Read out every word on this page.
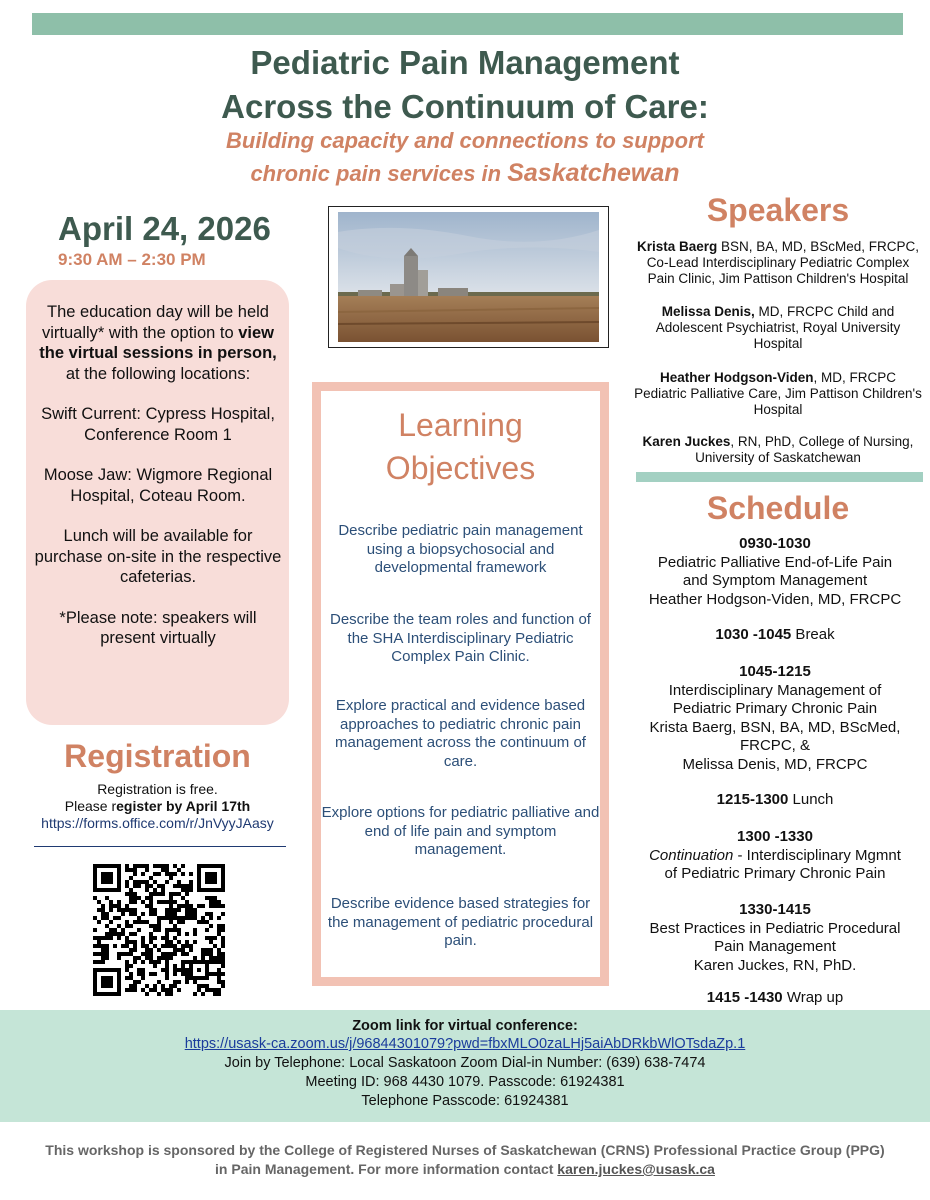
Pediatric Pain Management
Across the Continuum of Care:
Building capacity and connections to support
chronic pain services in Saskatchewan
April 24, 2026
9:30 AM – 2:30 PM

The education day will be held virtually* with the option to view the virtual sessions in person, at the following locations:

Swift Current: Cypress Hospital, Conference Room 1

Moose Jaw: Wigmore Regional Hospital, Coteau Room.

Lunch will be available for purchase on-site in the respective cafeterias.

*Please note: speakers will present virtually

Registration
Registration is free.
Please register by April 17th
https://forms.office.com/r/JnVyyJAasy
Learning
Objectives
Describe pediatric pain management using a biopsychosocial and developmental framework
Describe the team roles and function of the SHA Interdisciplinary Pediatric Complex Pain Clinic.
Explore practical and evidence based approaches to pediatric chronic pain management across the continuum of care.
Explore options for pediatric palliative and end of life pain and symptom management.
Describe evidence based strategies for the management of pediatric procedural pain.
Speakers
Krista Baerg BSN, BA, MD, BScMed, FRCPC, Co-Lead Interdisciplinary Pediatric Complex Pain Clinic, Jim Pattison Children's Hospital
Melissa Denis, MD, FRCPC Child and Adolescent Psychiatrist, Royal University Hospital
Heather Hodgson-Viden, MD, FRCPC Pediatric Palliative Care, Jim Pattison Children's Hospital
Karen Juckes, RN, PhD, College of Nursing, University of Saskatchewan
Schedule
0930-1030
Pediatric Palliative End-of-Life Pain
and Symptom Management
Heather Hodgson-Viden, MD, FRCPC
1030 -1045 Break
1045-1215
Interdisciplinary Management of
Pediatric Primary Chronic Pain
Krista Baerg, BSN, BA, MD, BScMed,
FRCPC, &
Melissa Denis, MD, FRCPC
1215-1300 Lunch
1300 -1330
Continuation - Interdisciplinary Mgmnt
of Pediatric Primary Chronic Pain
1330-1415
Best Practices in Pediatric Procedural
Pain Management
Karen Juckes, RN, PhD.
1415 -1430 Wrap up
Zoom link for virtual conference:
https://usask-ca.zoom.us/j/96844301079?pwd=fbxMLO0zaLHj5aiAbDRkbWlOTsdaZp.1
Join by Telephone: Local Saskatoon Zoom Dial-in Number: (639) 638-7474
Meeting ID: 968 4430 1079. Passcode: 61924381
Telephone Passcode: 61924381
This workshop is sponsored by the College of Registered Nurses of Saskatchewan (CRNS) Professional Practice Group (PPG) in Pain Management. For more information contact karen.juckes@usask.ca
